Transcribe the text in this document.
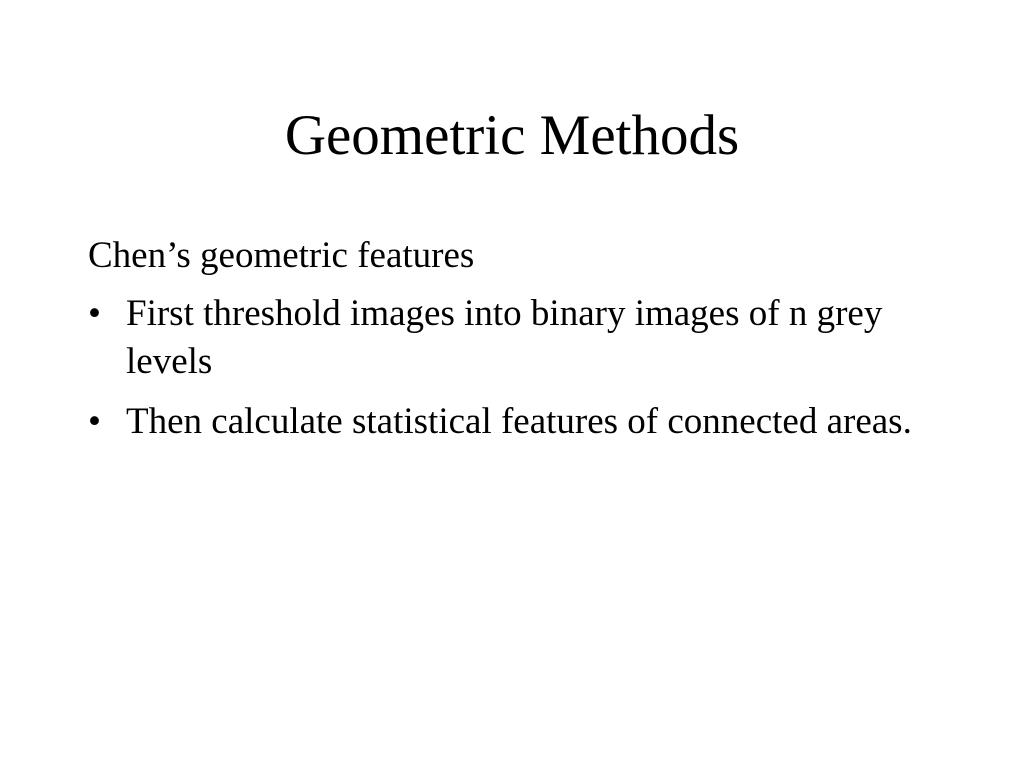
Geometric Methods

Chen’s geometric features

• First threshold images into binary images of n grey levels
• Then calculate statistical features of connected areas.
